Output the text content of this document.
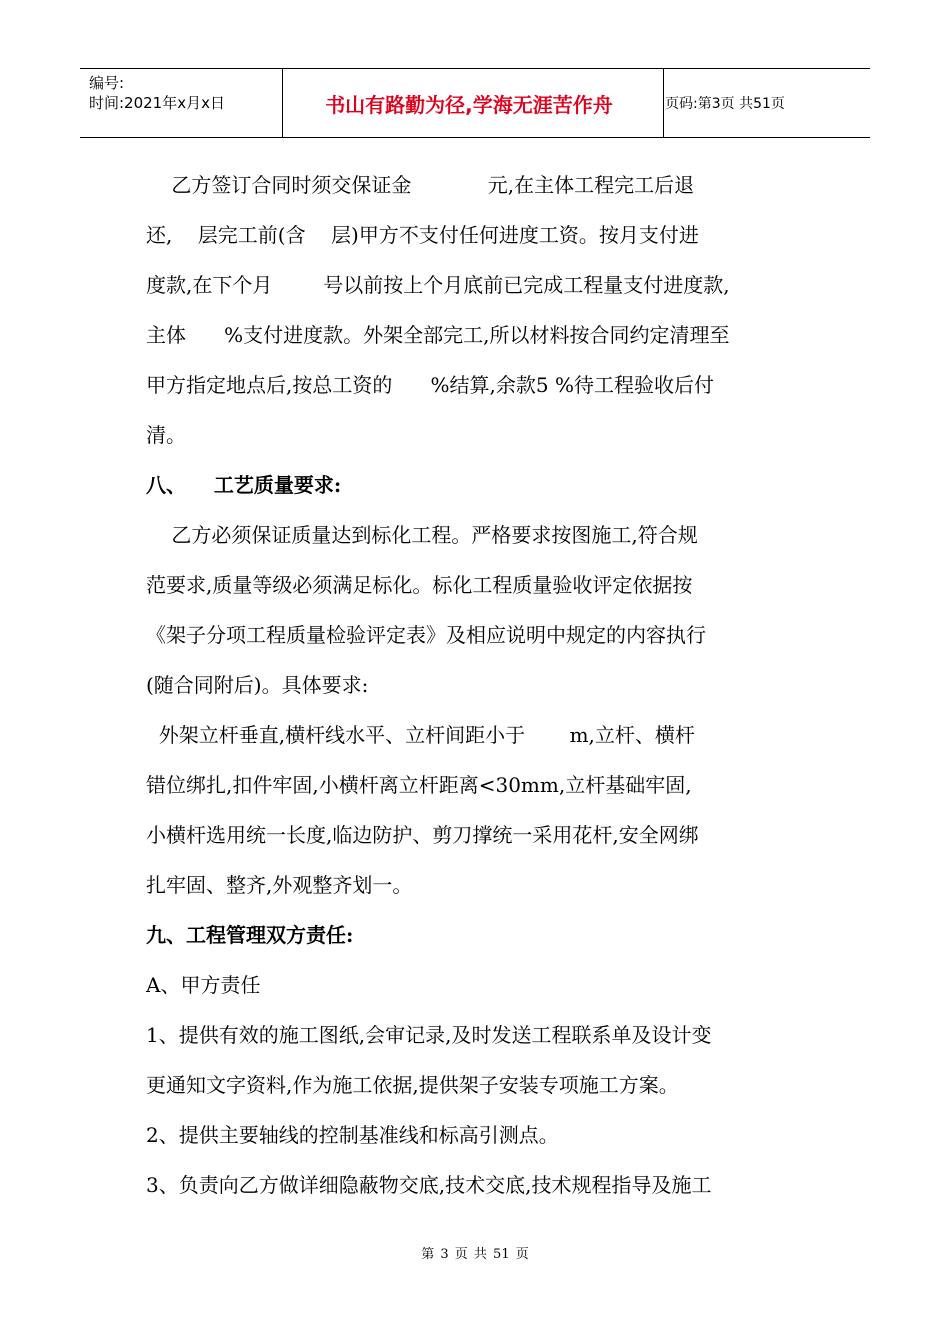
编号:
时间:2021年x月x日	书山有路勤为径,学海无涯苦作舟	页码:第3页 共51页
乙方签订合同时须交保证金            元,在主体工程完工后退
还,    层完工前(含    层)甲方不支付任何进度工资。按月支付进
度款,在下个月        号以前按上个月底前已完成工程量支付进度款,
主体      %支付进度款。外架全部完工,所以材料按合同约定清理至
甲方指定地点后,按总工资的      %结算,余款5 %待工程验收后付
清。
八、    工艺质量要求:
乙方必须保证质量达到标化工程。严格要求按图施工,符合规
范要求,质量等级必须满足标化。标化工程质量验收评定依据按
《架子分项工程质量检验评定表》及相应说明中规定的内容执行
(随合同附后)。具体要求:
外架立杆垂直,横杆线水平、立杆间距小于       m,立杆、横杆
错位绑扎,扣件牢固,小横杆离立杆距离<30mm,立杆基础牢固,
小横杆选用统一长度,临边防护、剪刀撑统一采用花杆,安全网绑
扎牢固、整齐,外观整齐划一。
九、工程管理双方责任:
A、甲方责任
1、提供有效的施工图纸,会审记录,及时发送工程联系单及设计变
更通知文字资料,作为施工依据,提供架子安装专项施工方案。
2、提供主要轴线的控制基准线和标高引测点。
3、负责向乙方做详细隐蔽物交底,技术交底,技术规程指导及施工
第 3 页 共 51 页
